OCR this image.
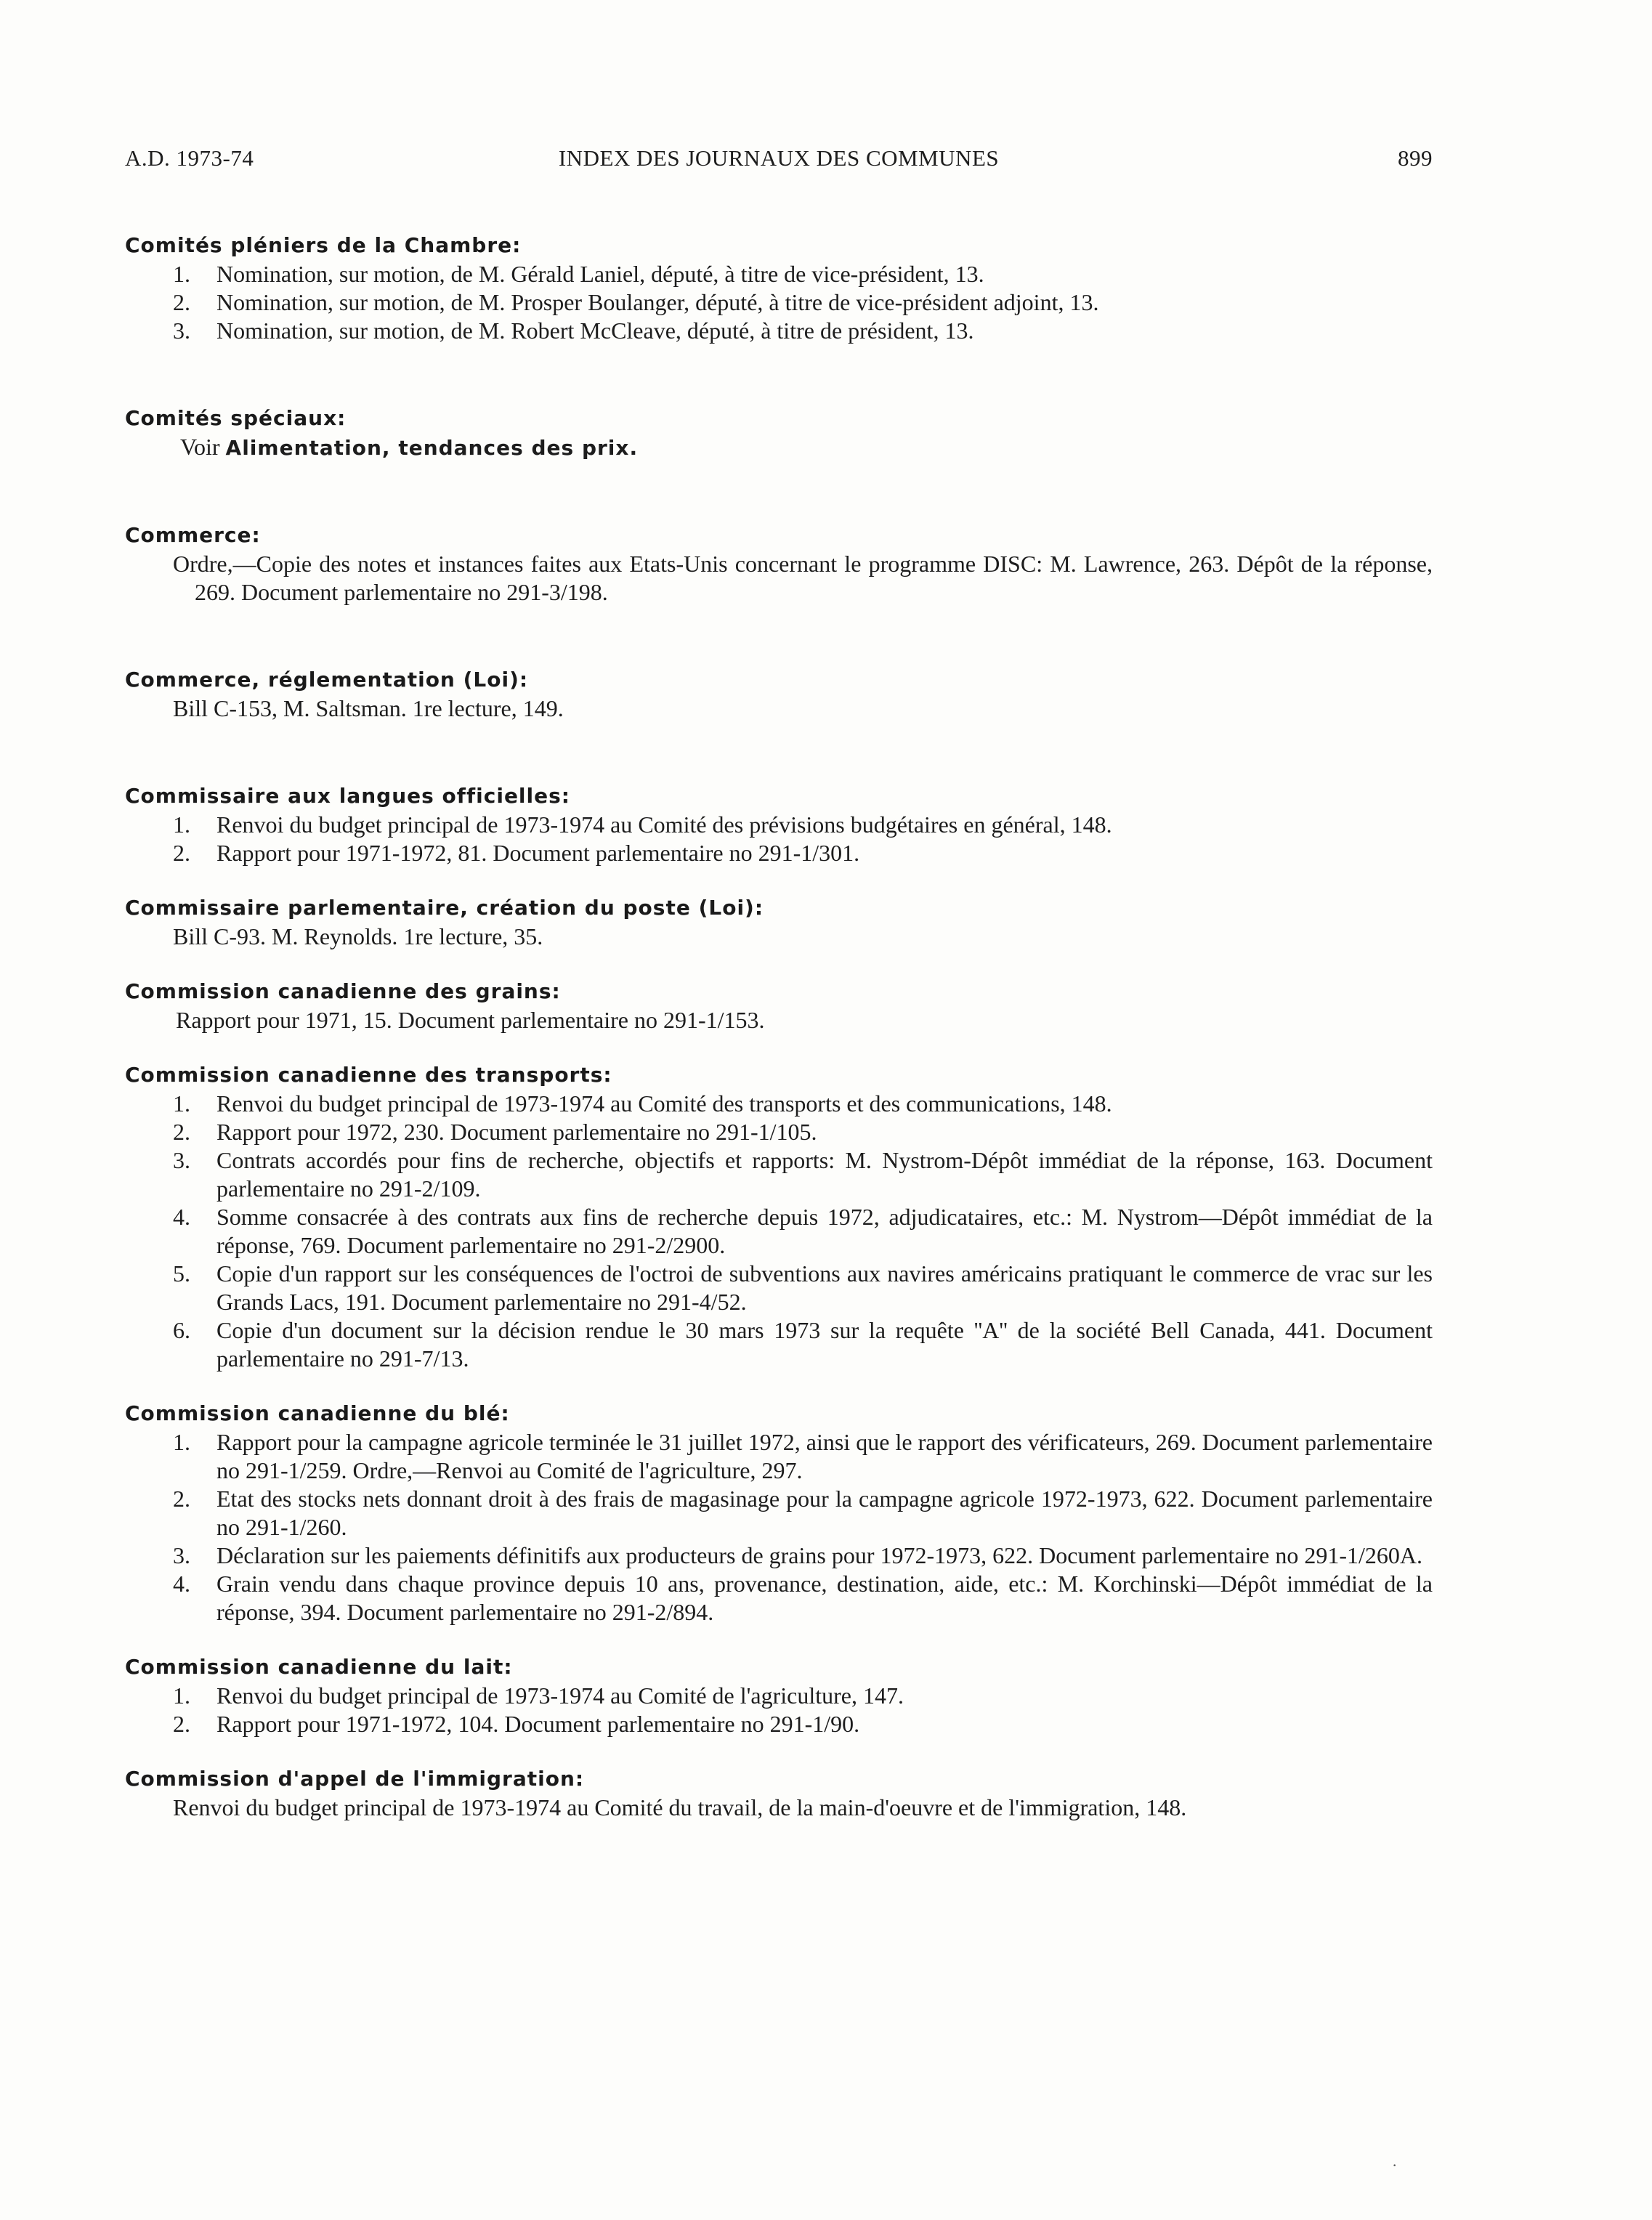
A.D. 1973-74	INDEX DES JOURNAUX DES COMMUNES	899
Comités pléniers de la Chambre:
1.	Nomination, sur motion, de M. Gérald Laniel, député, à titre de vice-président, 13.
2.	Nomination, sur motion, de M. Prosper Boulanger, député, à titre de vice-président adjoint, 13.
3.	Nomination, sur motion, de M. Robert McCleave, député, à titre de président, 13.
Comités spéciaux:
Voir Alimentation, tendances des prix.
Commerce:
Ordre,—Copie des notes et instances faites aux Etats-Unis concernant le programme DISC: M. Lawrence, 263. Dépôt de la réponse, 269. Document parlementaire no 291-3/198.
Commerce, réglementation (Loi):
Bill C-153, M. Saltsman. 1re lecture, 149.
Commissaire aux langues officielles:
1.	Renvoi du budget principal de 1973-1974 au Comité des prévisions budgétaires en général, 148.
2.	Rapport pour 1971-1972, 81. Document parlementaire no 291-1/301.
Commissaire parlementaire, création du poste (Loi):
Bill C-93. M. Reynolds. 1re lecture, 35.
Commission canadienne des grains:
Rapport pour 1971, 15. Document parlementaire no 291-1/153.
Commission canadienne des transports:
1.	Renvoi du budget principal de 1973-1974 au Comité des transports et des communications, 148.
2.	Rapport pour 1972, 230. Document parlementaire no 291-1/105.
3.	Contrats accordés pour fins de recherche, objectifs et rapports: M. Nystrom-Dépôt immédiat de la réponse, 163. Document parlementaire no 291-2/109.
4.	Somme consacrée à des contrats aux fins de recherche depuis 1972, adjudicataires, etc.: M. Nystrom—Dépôt immédiat de la réponse, 769. Document parlementaire no 291-2/2900.
5.	Copie d'un rapport sur les conséquences de l'octroi de subventions aux navires américains pratiquant le commerce de vrac sur les Grands Lacs, 191. Document parlementaire no 291-4/52.
6.	Copie d'un document sur la décision rendue le 30 mars 1973 sur la requête ''A'' de la société Bell Canada, 441. Document parlementaire no 291-7/13.
Commission canadienne du blé:
1.	Rapport pour la campagne agricole terminée le 31 juillet 1972, ainsi que le rapport des vérificateurs, 269. Document parlementaire no 291-1/259. Ordre,—Renvoi au Comité de l'agriculture, 297.
2.	Etat des stocks nets donnant droit à des frais de magasinage pour la campagne agricole 1972-1973, 622. Document parlementaire no 291-1/260.
3.	Déclaration sur les paiements définitifs aux producteurs de grains pour 1972-1973, 622. Document parlementaire no 291-1/260A.
4.	Grain vendu dans chaque province depuis 10 ans, provenance, destination, aide, etc.: M. Korchinski—Dépôt immédiat de la réponse, 394. Document parlementaire no 291-2/894.
Commission canadienne du lait:
1.	Renvoi du budget principal de 1973-1974 au Comité de l'agriculture, 147.
2.	Rapport pour 1971-1972, 104. Document parlementaire no 291-1/90.
Commission d'appel de l'immigration:
Renvoi du budget principal de 1973-1974 au Comité du travail, de la main-d'oeuvre et de l'immigration, 148.
·
